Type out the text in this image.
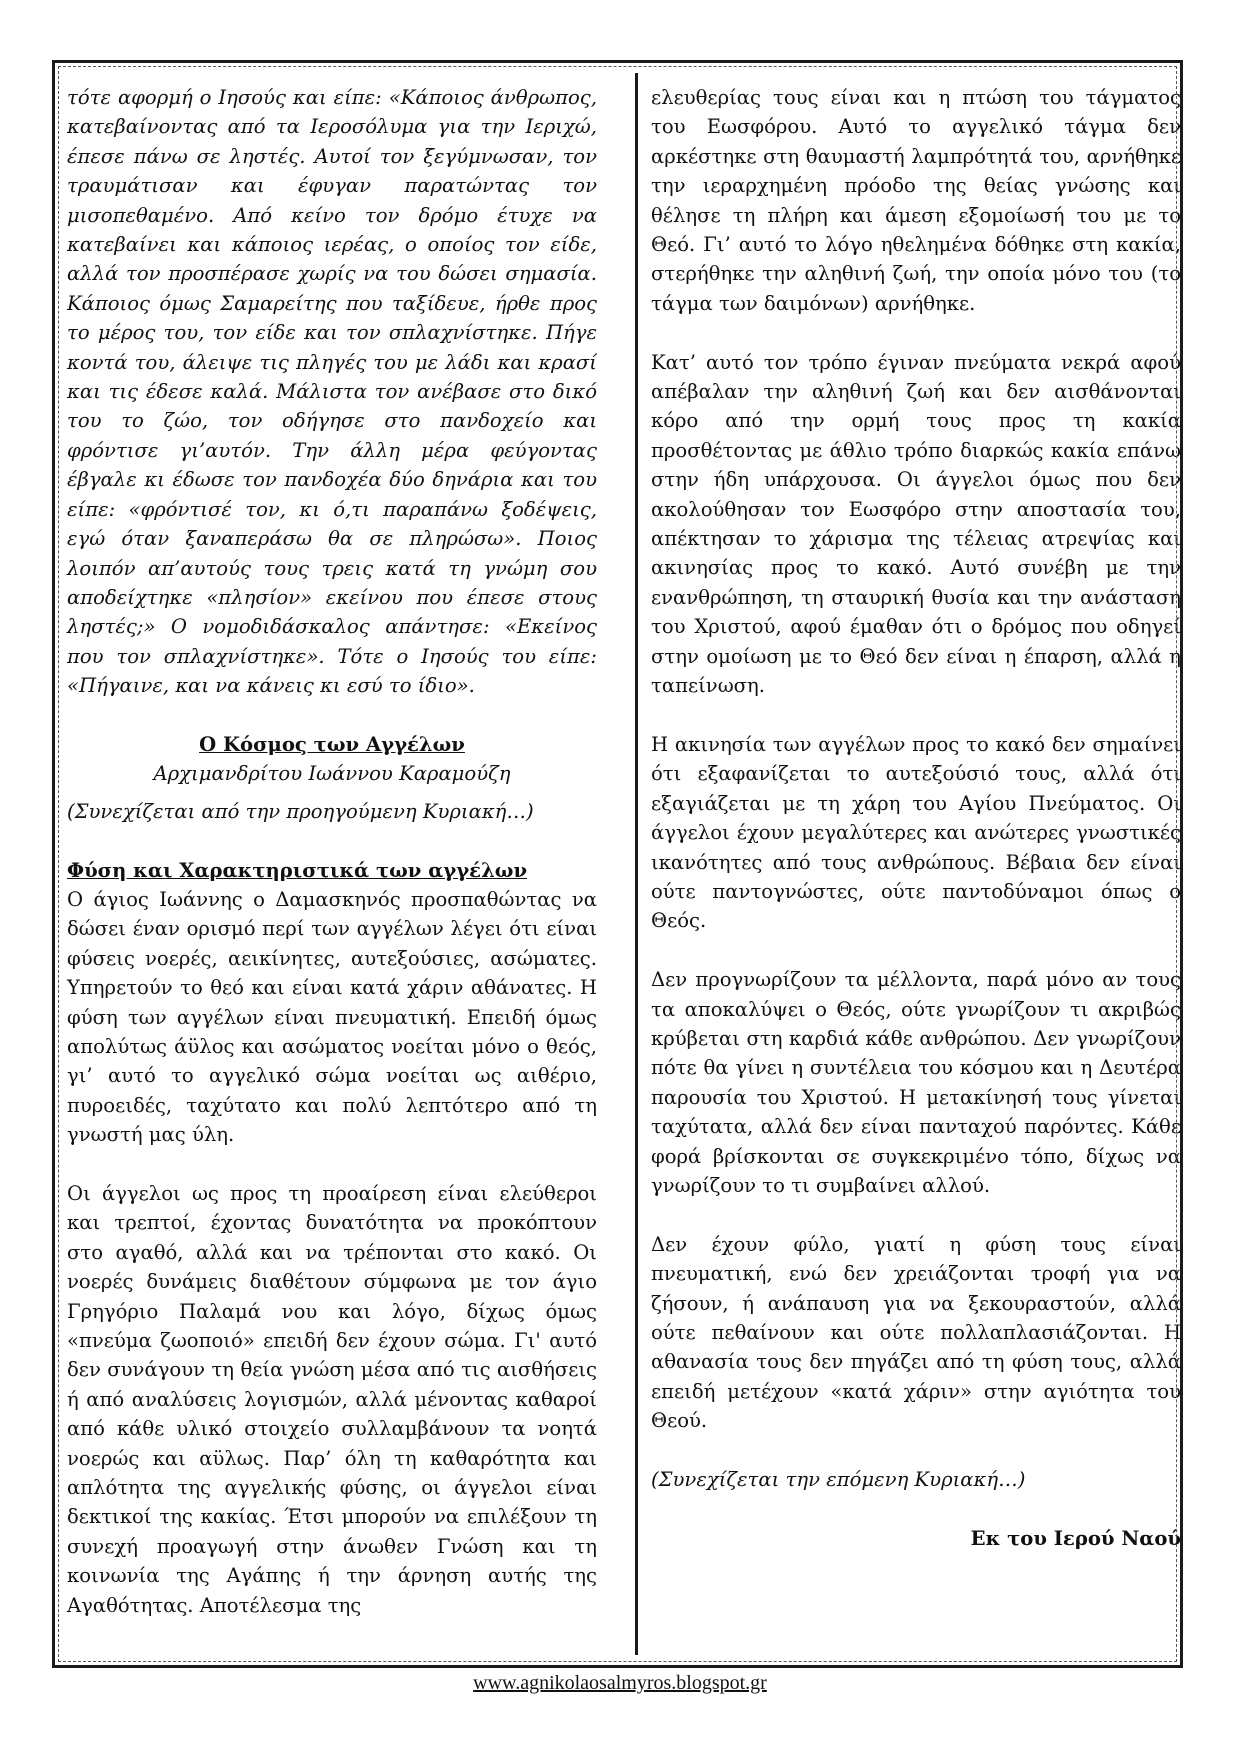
τότε αφορμή ο Ιησούς και είπε: «Κάποιος άνθρωπος, κατεβαίνοντας από τα Ιεροσόλυμα για την Ιεριχώ, έπεσε πάνω σε ληστές. Αυτοί τον ξεγύμνωσαν, τον τραυμάτισαν και έφυγαν παρατώντας τον μισοπεθαμένο. Από κείνο τον δρόμο έτυχε να κατεβαίνει και κάποιος ιερέας, ο οποίος τον είδε, αλλά τον προσπέρασε χωρίς να του δώσει σημασία. Κάποιος όμως Σαμαρείτης που ταξίδευε, ήρθε προς το μέρος του, τον είδε και τον σπλαχνίστηκε. Πήγε κοντά του, άλειψε τις πληγές του με λάδι και κρασί και τις έδεσε καλά. Μάλιστα τον ανέβασε στο δικό του το ζώο, τον οδήγησε στο πανδοχείο και φρόντισε γι’αυτόν. Την άλλη μέρα φεύγοντας έβγαλε κι έδωσε τον πανδοχέα δύο δηνάρια και του είπε: «φρόντισέ τον, κι ό,τι παραπάνω ξοδέψεις, εγώ όταν ξαναπεράσω θα σε πληρώσω». Ποιος λοιπόν απ’αυτούς τους τρεις κατά τη γνώμη σου αποδείχτηκε «πλησίον» εκείνου που έπεσε στους ληστές;» Ο νομοδιδάσκαλος απάντησε: «Εκείνος που τον σπλαχνίστηκε». Τότε ο Ιησούς του είπε: «Πήγαινε, και να κάνεις κι εσύ το ίδιο».

Ο Κόσμος των Αγγέλων

Αρχιμανδρίτου Ιωάννου Καραμούζη

(Συνεχίζεται από την προηγούμενη Κυριακή…)

Φύση και Χαρακτηριστικά των αγγέλων

Ο άγιος Ιωάννης ο Δαμασκηνός προσπαθώντας να δώσει έναν ορισμό περί των αγγέλων λέγει ότι είναι φύσεις νοερές, αεικίνητες, αυτεξούσιες, ασώματες. Υπηρετούν το θεό και είναι κατά χάριν αθάνατες. Η φύση των αγγέλων είναι πνευματική. Επειδή όμως απολύτως άϋλος και ασώματος νοείται μόνο ο θεός, γι’ αυτό το αγγελικό σώμα νοείται ως αιθέριο, πυροειδές, ταχύτατο και πολύ λεπτότερο από τη γνωστή μας ύλη.

Οι άγγελοι ως προς τη προαίρεση είναι ελεύθεροι και τρεπτοί, έχοντας δυνατότητα να προκόπτουν στο αγαθό, αλλά και να τρέπονται στο κακό. Οι νοερές δυνάμεις διαθέτουν σύμφωνα με τον άγιο Γρηγόριο Παλαμά νου και λόγο, δίχως όμως «πνεύμα ζωοποιό» επειδή δεν έχουν σώμα. Γι' αυτό δεν συνάγουν τη θεία γνώση μέσα από τις αισθήσεις ή από αναλύσεις λογισμών, αλλά μένοντας καθαροί από κάθε υλικό στοιχείο συλλαμβάνουν τα νοητά νοερώς και αϋλως. Παρ’ όλη τη καθαρότητα και απλότητα της αγγελικής φύσης, οι άγγελοι είναι δεκτικοί της κακίας. Έτσι μπορούν να επιλέξουν τη συνεχή προαγωγή στην άνωθεν Γνώση και τη κοινωνία της Αγάπης ή την άρνηση αυτής της Αγαθότητας. Αποτέλεσμα της

ελευθερίας τους είναι και η πτώση του τάγματος του Εωσφόρου. Αυτό το αγγελικό τάγμα δεν αρκέστηκε στη θαυμαστή λαμπρότητά του, αρνήθηκε την ιεραρχημένη πρόοδο της θείας γνώσης και θέλησε τη πλήρη και άμεση εξομοίωσή του με το Θεό. Γι’ αυτό το λόγο ηθελημένα δόθηκε στη κακία, στερήθηκε την αληθινή ζωή, την οποία μόνο του (το τάγμα των δαιμόνων) αρνήθηκε.

Κατ’ αυτό τον τρόπο έγιναν πνεύματα νεκρά αφού απέβαλαν την αληθινή ζωή και δεν αισθάνονται κόρο από την ορμή τους προς τη κακία προσθέτοντας με άθλιο τρόπο διαρκώς κακία επάνω στην ήδη υπάρχουσα. Οι άγγελοι όμως που δεν ακολούθησαν τον Εωσφόρο στην αποστασία του, απέκτησαν το χάρισμα της τέλειας ατρεψίας και ακινησίας προς το κακό. Αυτό συνέβη με την ενανθρώπηση, τη σταυρική θυσία και την ανάσταση του Χριστού, αφού έμαθαν ότι ο δρόμος που οδηγεί στην ομοίωση με το Θεό δεν είναι η έπαρση, αλλά η ταπείνωση.

Η ακινησία των αγγέλων προς το κακό δεν σημαίνει ότι εξαφανίζεται το αυτεξούσιό τους, αλλά ότι εξαγιάζεται με τη χάρη του Αγίου Πνεύματος. Οι άγγελοι έχουν μεγαλύτερες και ανώτερες γνωστικές ικανότητες από τους ανθρώπους. Βέβαια δεν είναι ούτε παντογνώστες, ούτε παντοδύναμοι όπως ο Θεός.

Δεν προγνωρίζουν τα μέλλοντα, παρά μόνο αν τους τα αποκαλύψει ο Θεός, ούτε γνωρίζουν τι ακριβώς κρύβεται στη καρδιά κάθε ανθρώπου. Δεν γνωρίζουν πότε θα γίνει η συντέλεια του κόσμου και η Δευτέρα παρουσία του Χριστού. Η μετακίνησή τους γίνεται ταχύτατα, αλλά δεν είναι πανταχού παρόντες. Κάθε φορά βρίσκονται σε συγκεκριμένο τόπο, δίχως να γνωρίζουν το τι συμβαίνει αλλού.

Δεν έχουν φύλο, γιατί η φύση τους είναι πνευματική, ενώ δεν χρειάζονται τροφή για να ζήσουν, ή ανάπαυση για να ξεκουραστούν, αλλά ούτε πεθαίνουν και ούτε πολλαπλασιάζονται. Η αθανασία τους δεν πηγάζει από τη φύση τους, αλλά επειδή μετέχουν «κατά χάριν» στην αγιότητα του Θεού.

(Συνεχίζεται την επόμενη Κυριακή…)

Εκ του Ιερού Ναού

www.agnikolaosalmyros.blogspot.gr
